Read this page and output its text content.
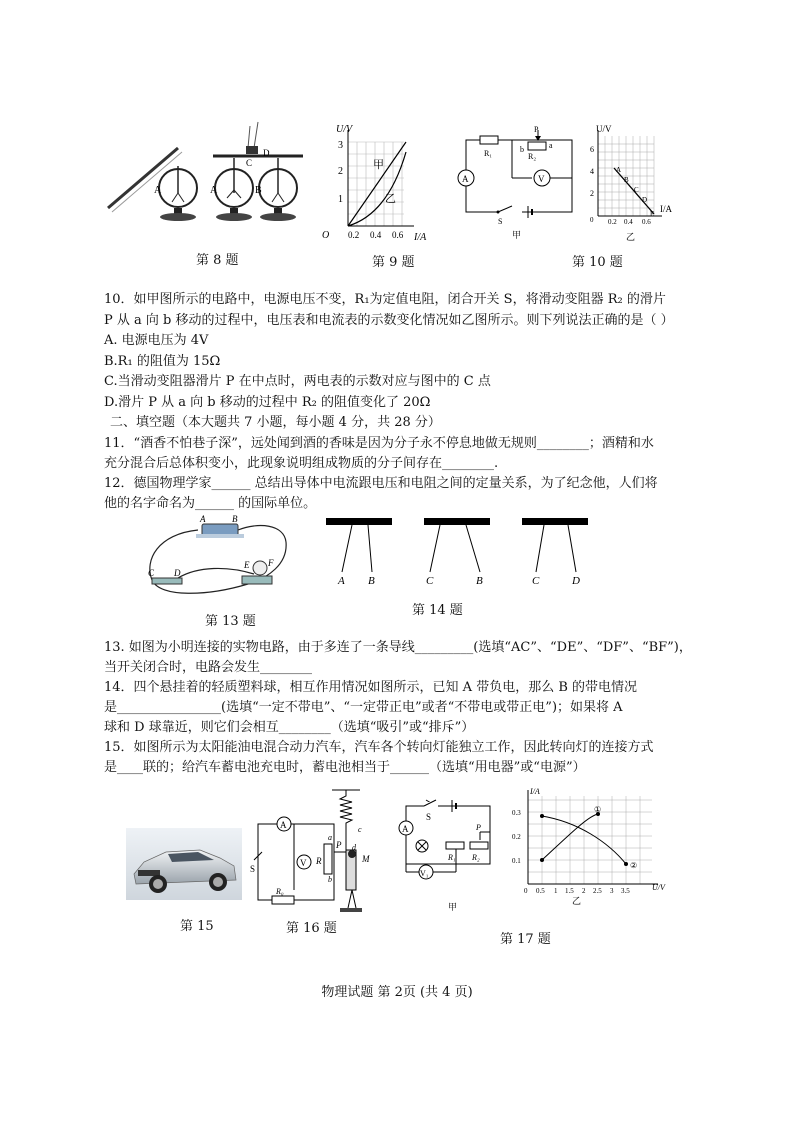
A	A	B
C
D
第 8 题
U/V
I/A
O
1
2
3
0.2 0.4 0.6
甲
乙
第 9 题
R₁	R₂
P
a
b
A	V
S
甲
U/V
I/A
2
4
6
0 0.2 0.4 0.6
A
B
C
D
E
乙
第 10 题
10．如甲图所示的电路中，电源电压不变，R₁为定值电阻，闭合开关 S，将滑动变阻器 R₂ 的滑片
P 从 a 向 b 移动的过程中，电压表和电流表的示数变化情况如乙图所示。则下列说法正确的是（ ）
A. 电源电压为 4V
B.R₁ 的阻值为 15Ω
C.当滑动变阻器滑片 P 在中点时，两电表的示数对应与图中的 C 点
D.滑片 P 从 a 向 b 移动的过程中 R₂ 的阻值变化了 20Ω
二、填空题（本大题共 7 小题，每小题 4 分，共 28 分）
11．“酒香不怕巷子深”，远处闻到酒的香味是因为分子永不停息地做无规则________；酒精和水
充分混合后总体积变小，此现象说明组成物质的分子间存在________.
12．德国物理学家______ 总结出导体中电流跟电压和电阻之间的定量关系，为了纪念他，人们将
他的名字命名为______ 的国际单位。
A	B
C D
E F
第 13 题
A B	C	B	C	D
第 14 题
13. 如图为小明连接的实物电路，由于多连了一条导线_________(选填“AC”、“DE”、“DF”、“BF”)，
当开关闭合时，电路会发生________
14．四个悬挂着的轻质塑料球，相互作用情况如图所示，已知 A 带负电，那么 B 的带电情况
是________________(选填“一定不带电”、“一定带正电”或者“不带电或带正电”)；如果将 A
球和 D 球靠近，则它们会相互________（选填“吸引”或“排斥”）
15．如图所示为太阳能油电混合动力汽车，汽车各个转向灯能独立工作，因此转向灯的连接方式
是____联的；给汽车蓄电池充电时，蓄电池相当于______（选填“用电器”或“电源”）
第 15
A
V R
P
a
b
c
d
M
S
R₀
第 16 题
A
S
R₁ R₂
P
V₁
甲
I/A
U/V
0.1
0.2
0.3
0 0.5 1 1.5 2 2.5 3 3.5
①
②
乙
第 17 题
物理试题 第 2页 (共 4 页)
